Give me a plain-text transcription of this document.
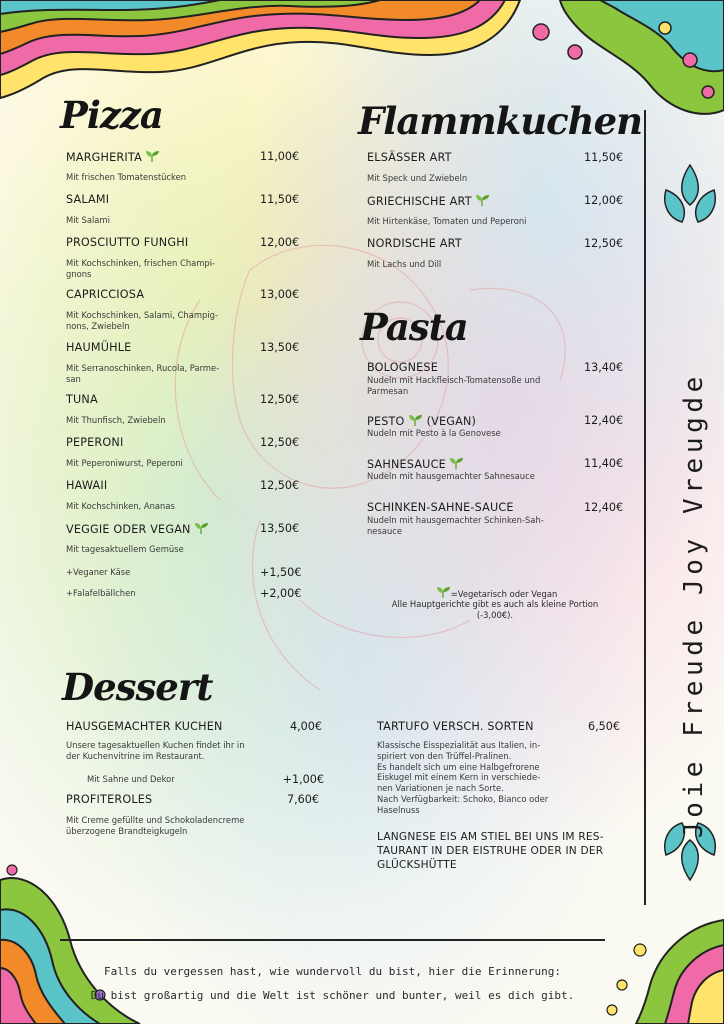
Pizza
MARGHERITA	11,00€
Mit frischen Tomatenstücken
SALAMI	11,50€
Mit Salami
PROSCIUTTO FUNGHI	12,00€
Mit Kochschinken, frischen Champi-
gnons
CAPRICCIOSA	13,00€
Mit Kochschinken, Salami, Champig-
nons, Zwiebeln
HAUMÜHLE	13,50€
Mit Serranoschinken, Rucola, Parme-
san
TUNA	12,50€
Mit Thunfisch, Zwiebeln
PEPERONI	12,50€
Mit Peperoniwurst, Peperoni
HAWAII	12,50€
Mit Kochschinken, Ananas
VEGGIE ODER VEGAN	13,50€
Mit tagesaktuellem Gemüse
+Veganer Käse	+1,50€
+Falafelbällchen	+2,00€
Flammkuchen
ELSÄSSER ART	11,50€
Mit Speck und Zwiebeln
GRIECHISCHE ART	12,00€
Mit Hirtenkäse, Tomaten und Peperoni
NORDISCHE ART	12,50€
Mit Lachs und Dill
Pasta
BOLOGNESE	13,40€
Nudeln mit Hackfleisch-Tomatensoße und
Parmesan
PESTO (VEGAN)	12,40€
Nudeln mit Pesto à la Genovese
SAHNESAUCE	11,40€
Nudeln mit hausgemachter Sahnesauce
SCHINKEN-SAHNE-SAUCE	12,40€
Nudeln mit hausgemachter Schinken-Sah-
nesauce
=Vegetarisch oder Vegan
Alle Hauptgerichte gibt es auch als kleine Portion
(-3,00€).
Dessert
HAUSGEMACHTER KUCHEN	4,00€
Unsere tagesaktuellen Kuchen findet ihr in
der Kuchenvitrine im Restaurant.
Mit Sahne und Dekor	+1,00€
PROFITEROLES	7,60€
Mit Creme gefüllte und Schokoladencreme
überzogene Brandteigkugeln
TARTUFO VERSCH. SORTEN	6,50€
Klassische Eisspezialität aus Italien, in-
spiriert von den Trüffel-Pralinen.
Es handelt sich um eine Halbgefrorene
Eiskugel mit einem Kern in verschiede-
nen Variationen je nach Sorte.
Nach Verfügbarkeit: Schoko, Bianco oder
Haselnuss
LANGNESE EIS AM STIEL BEI UNS IM RES-
TAURANT IN DER EISTRUHE ODER IN DER
GLÜCKSHÜTTE
Joie Freude Joy Vreugde
Falls du vergessen hast, wie wundervoll du bist, hier die Erinnerung:
Du bist großartig und die Welt ist schöner und bunter, weil es dich gibt.
